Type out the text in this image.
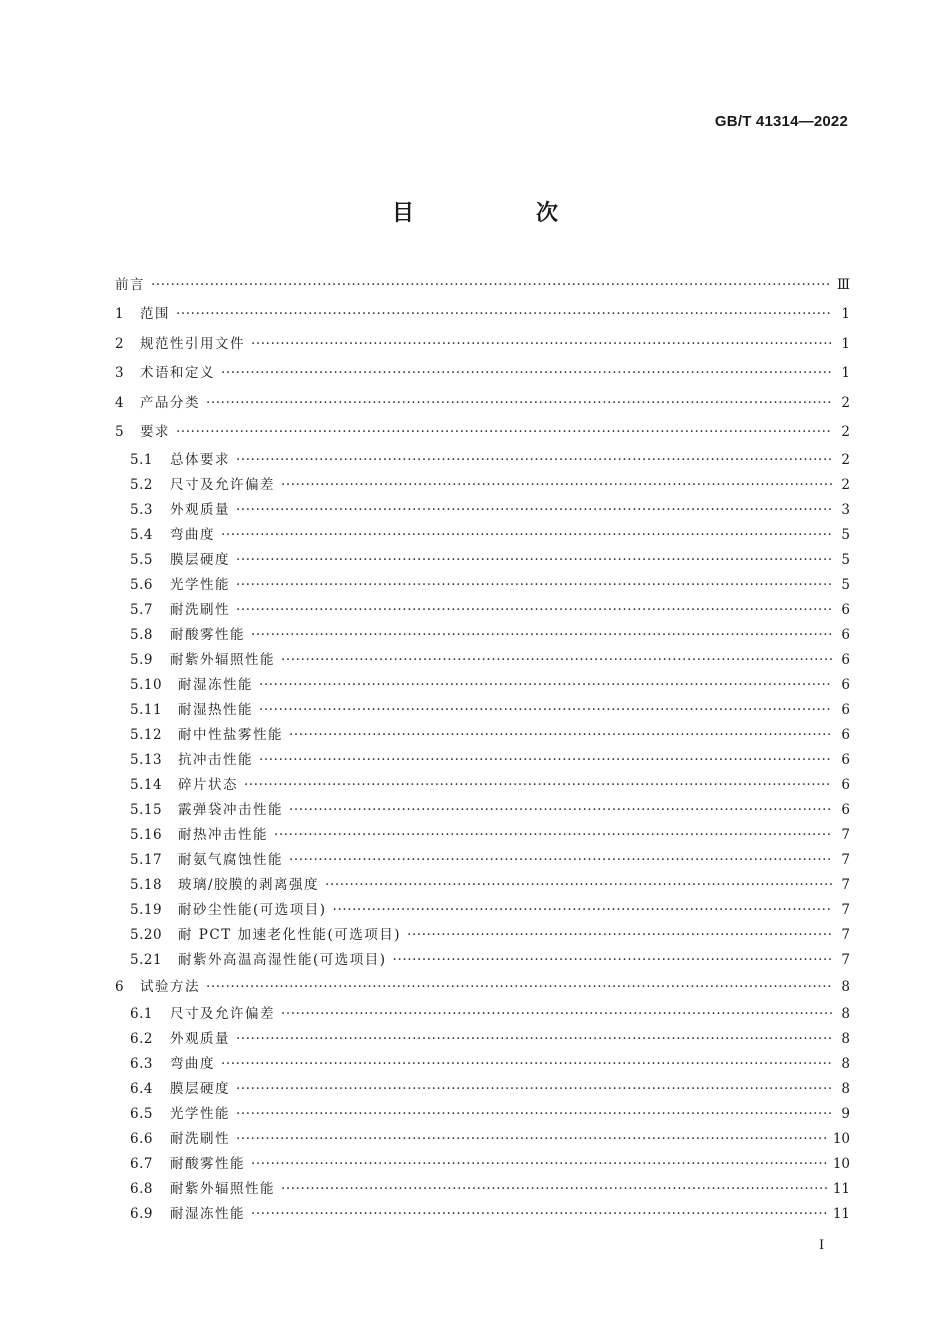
GB/T 41314—2022
目　次
前言 ·····	Ⅲ
1	范围 ·····	1
2	规范性引用文件 ·····	1
3	术语和定义 ·····	1
4	产品分类 ·····	2
5	要求 ·····	2
5.1	总体要求 ·····	2
5.2	尺寸及允许偏差 ·····	2
5.3	外观质量 ·····	3
5.4	弯曲度 ·····	5
5.5	膜层硬度 ·····	5
5.6	光学性能 ·····	5
5.7	耐洗刷性 ·····	6
5.8	耐酸雾性能 ·····	6
5.9	耐紫外辐照性能 ·····	6
5.10	耐湿冻性能 ·····	6
5.11	耐湿热性能 ·····	6
5.12	耐中性盐雾性能 ·····	6
5.13	抗冲击性能 ·····	6
5.14	碎片状态 ·····	6
5.15	霰弹袋冲击性能 ·····	6
5.16	耐热冲击性能 ·····	7
5.17	耐氨气腐蚀性能 ·····	7
5.18	玻璃/胶膜的剥离强度 ·····	7
5.19	耐砂尘性能(可选项目) ·····	7
5.20	耐 PCT 加速老化性能(可选项目) ·····	7
5.21	耐紫外高温高湿性能(可选项目) ·····	7
6	试验方法 ·····	8
6.1	尺寸及允许偏差 ·····	8
6.2	外观质量 ·····	8
6.3	弯曲度 ·····	8
6.4	膜层硬度 ·····	8
6.5	光学性能 ·····	9
6.6	耐洗刷性 ·····	10
6.7	耐酸雾性能 ·····	10
6.8	耐紫外辐照性能 ·····	11
6.9	耐湿冻性能 ·····	11
Ⅰ
